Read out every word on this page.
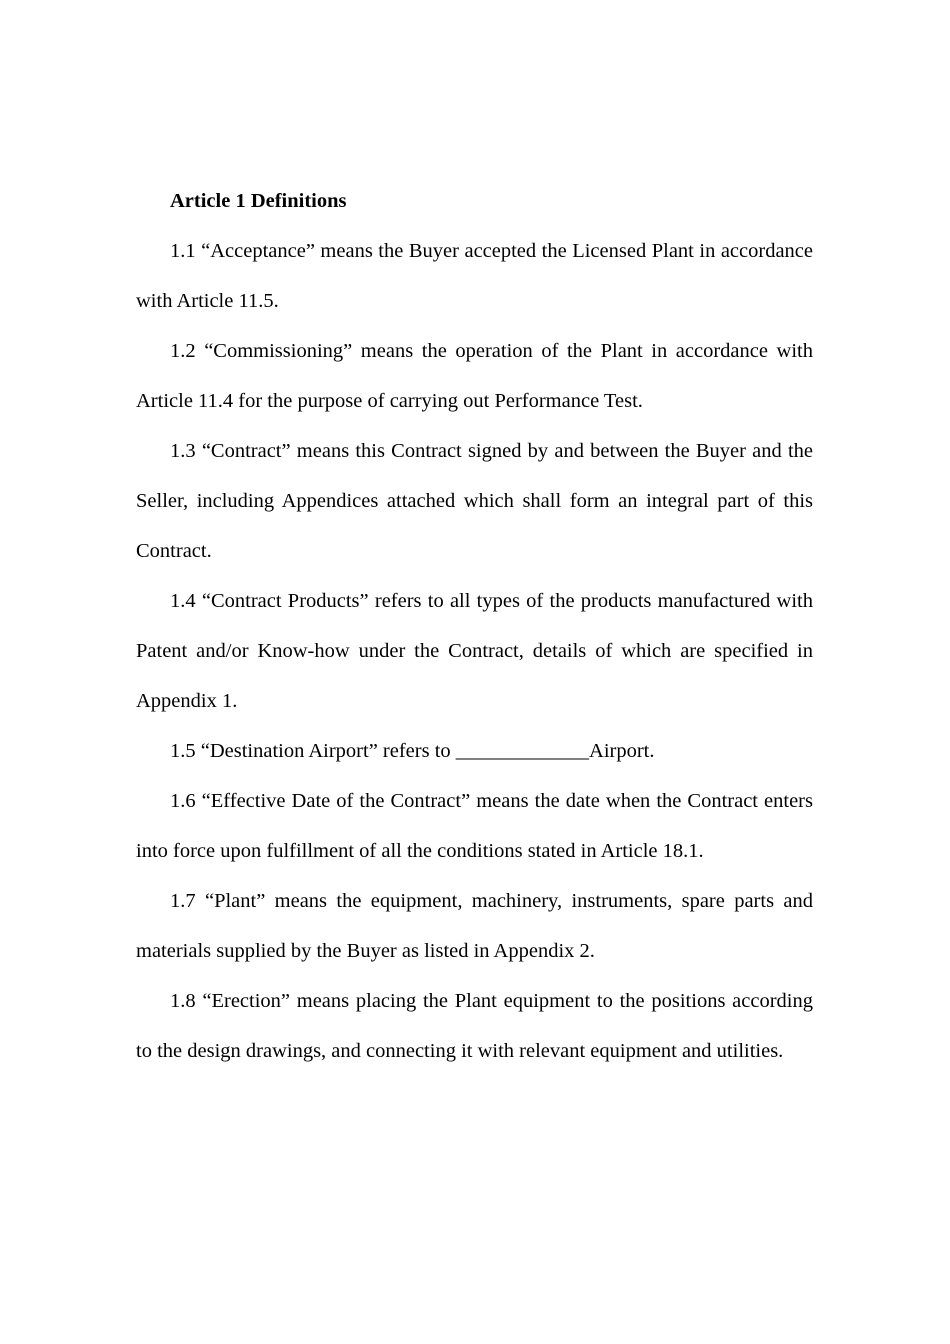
Article 1 Definitions

1.1 “Acceptance” means the Buyer accepted the Licensed Plant in accordance with Article 11.5.

1.2 “Commissioning” means the operation of the Plant in accordance with Article 11.4 for the purpose of carrying out Performance Test.

1.3 “Contract” means this Contract signed by and between the Buyer and the Seller, including Appendices attached which shall form an integral part of this Contract.

1.4 “Contract Products” refers to all types of the products manufactured with Patent and/or Know-how under the Contract, details of which are specified in Appendix 1.

1.5 “Destination Airport” refers to _____________Airport.

1.6 “Effective Date of the Contract” means the date when the Contract enters into force upon fulfillment of all the conditions stated in Article 18.1.

1.7 “Plant” means the equipment, machinery, instruments, spare parts and materials supplied by the Buyer as listed in Appendix 2.

1.8 “Erection” means placing the Plant equipment to the positions according to the design drawings, and connecting it with relevant equipment and utilities.
